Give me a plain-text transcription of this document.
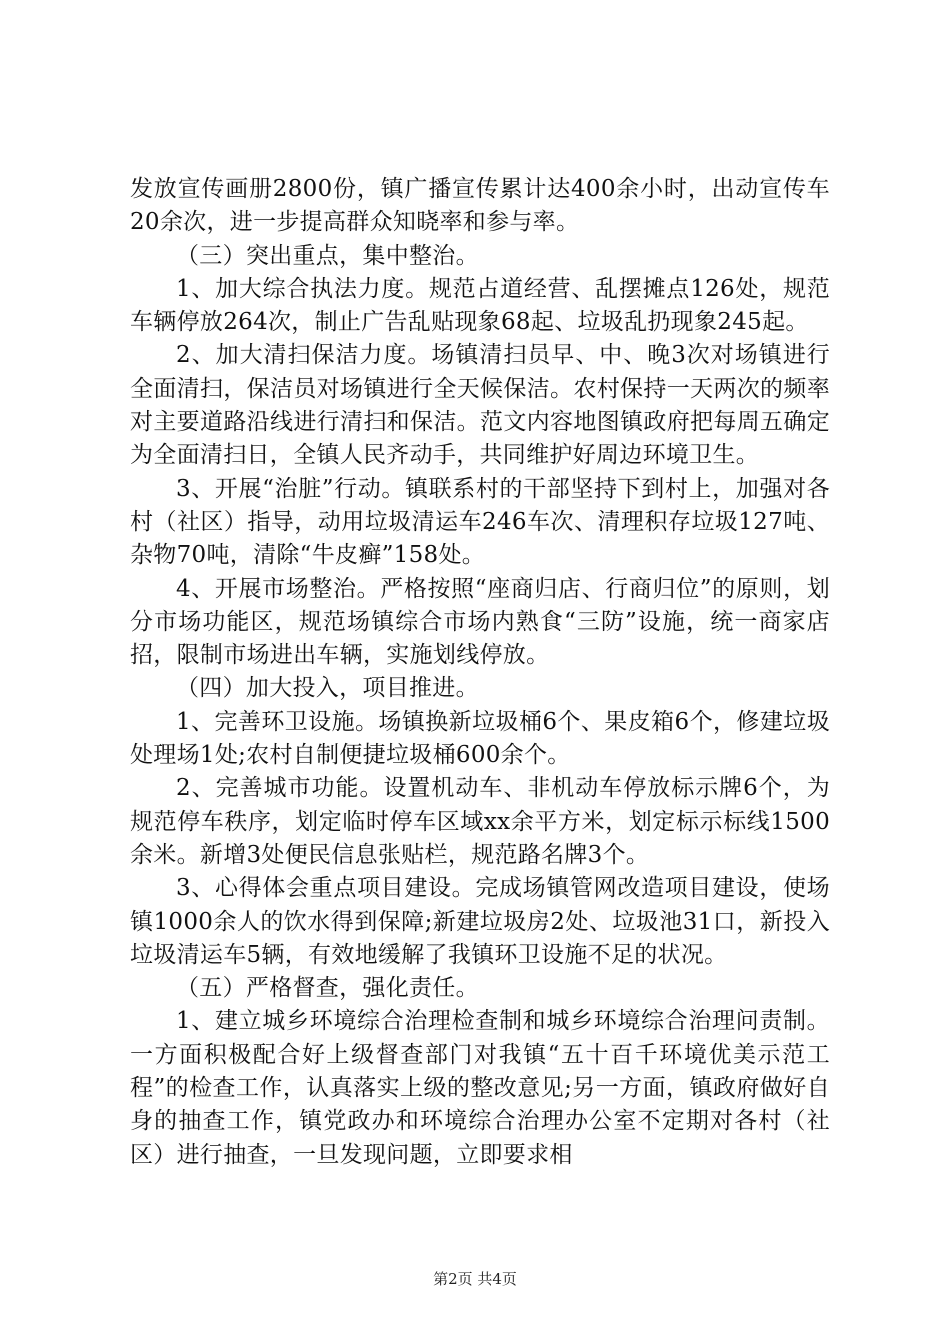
发放宣传画册2800份，镇广播宣传累计达400余小时，出动宣传车20余次，进一步提高群众知晓率和参与率。

（三）突出重点，集中整治。

1、加大综合执法力度。规范占道经营、乱摆摊点126处，规范车辆停放264次，制止广告乱贴现象68起、垃圾乱扔现象245起。

2、加大清扫保洁力度。场镇清扫员早、中、晚3次对场镇进行全面清扫，保洁员对场镇进行全天候保洁。农村保持一天两次的频率对主要道路沿线进行清扫和保洁。范文内容地图镇政府把每周五确定为全面清扫日，全镇人民齐动手，共同维护好周边环境卫生。

3、开展“治脏”行动。镇联系村的干部坚持下到村上，加强对各村（社区）指导，动用垃圾清运车246车次、清理积存垃圾127吨、杂物70吨，清除“牛皮癣”158处。

4、开展市场整治。严格按照“座商归店、行商归位”的原则，划分市场功能区，规范场镇综合市场内熟食“三防”设施，统一商家店招，限制市场进出车辆，实施划线停放。

（四）加大投入，项目推进。

1、完善环卫设施。场镇换新垃圾桶6个、果皮箱6个，修建垃圾处理场1处;农村自制便捷垃圾桶600余个。

2、完善城市功能。设置机动车、非机动车停放标示牌6个，为规范停车秩序，划定临时停车区域xx余平方米，划定标示标线1500余米。新增3处便民信息张贴栏，规范路名牌3个。

3、心得体会重点项目建设。完成场镇管网改造项目建设，使场镇1000余人的饮水得到保障;新建垃圾房2处、垃圾池31口，新投入垃圾清运车5辆，有效地缓解了我镇环卫设施不足的状况。

（五）严格督查，强化责任。

1、建立城乡环境综合治理检查制和城乡环境综合治理问责制。一方面积极配合好上级督查部门对我镇“五十百千环境优美示范工程”的检查工作，认真落实上级的整改意见;另一方面，镇政府做好自身的抽查工作，镇党政办和环境综合治理办公室不定期对各村（社区）进行抽查，一旦发现问题，立即要求相

第2页 共4页
